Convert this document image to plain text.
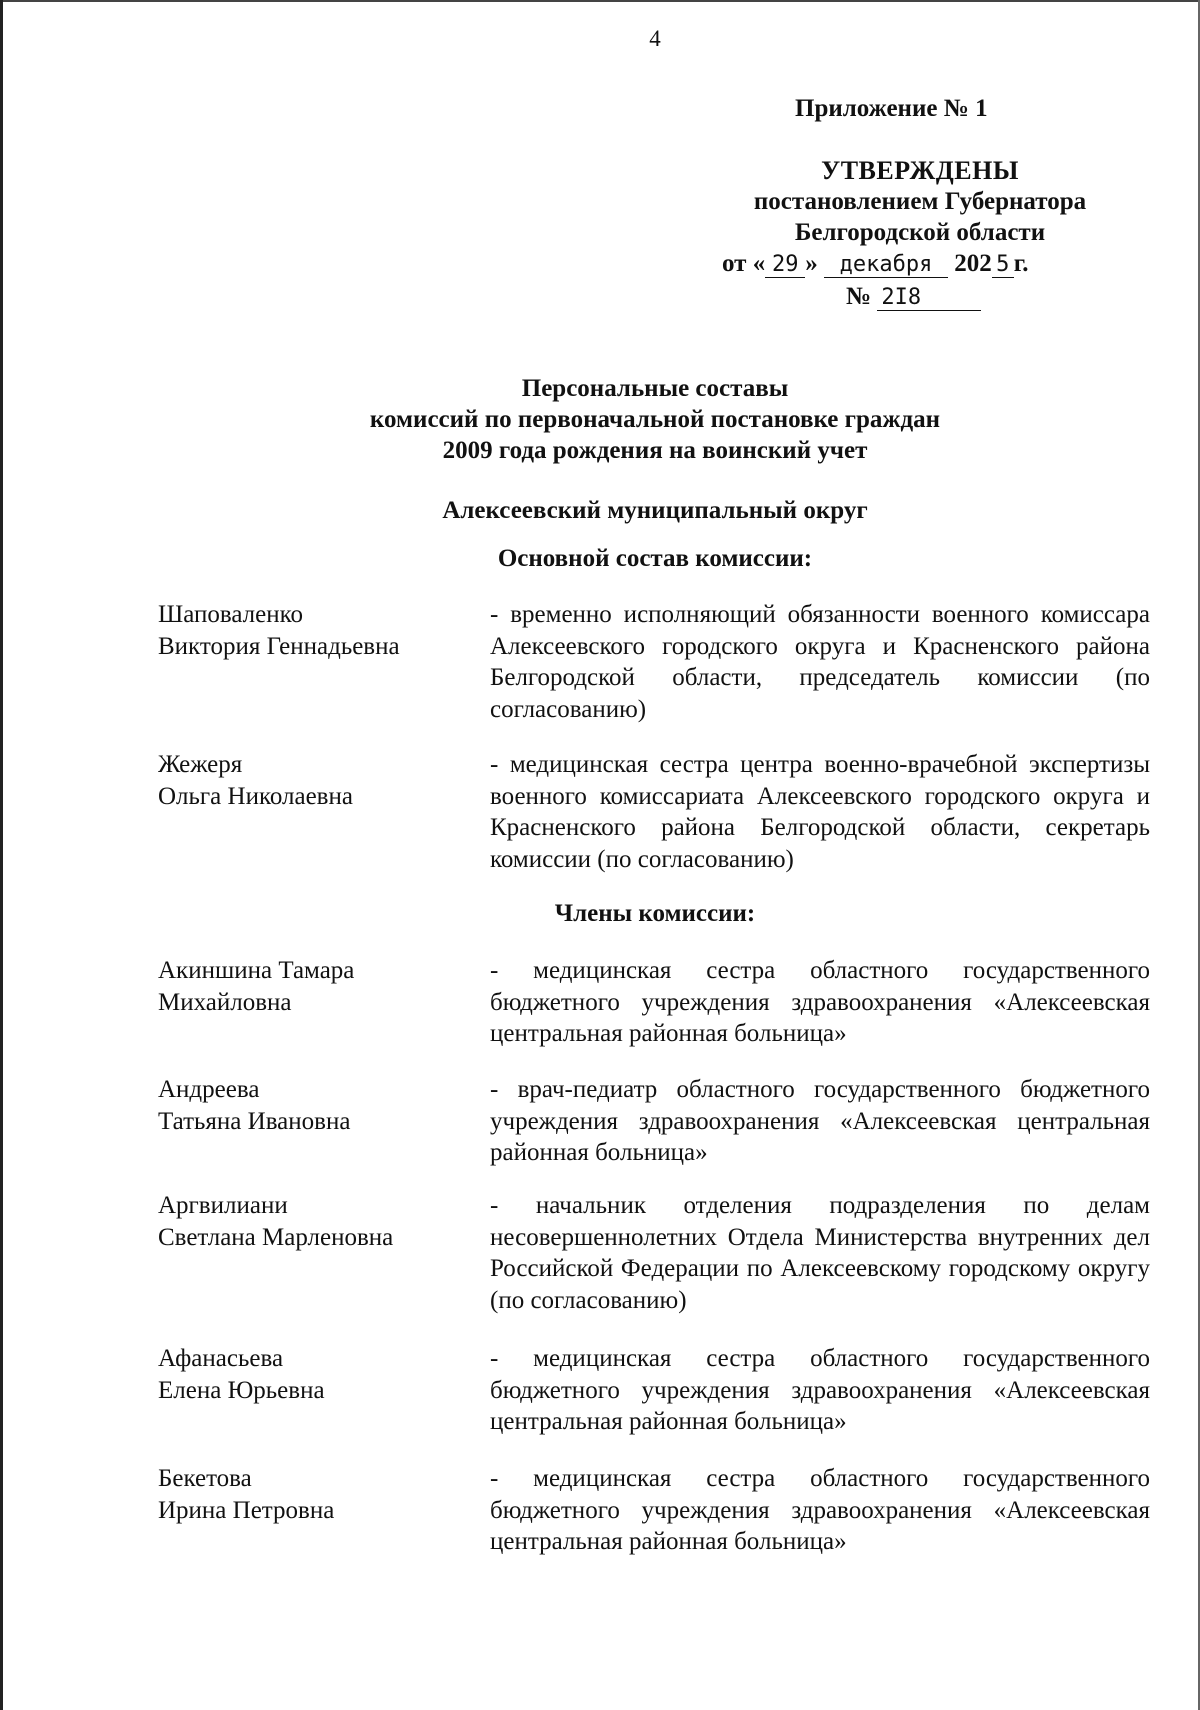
4
Приложение № 1
УТВЕРЖДЕНЫ
постановлением Губернатора
Белгородской области
от « 29 » декабря 202 5 г.
№ 2I8
Персональные составы
комиссий по первоначальной постановке граждан
2009 года рождения на воинский учет
Алексеевский муниципальный округ
Основной состав комиссии:
Шаповаленко
Виктория Геннадьевна
- временно исполняющий обязанности военного комиссара Алексеевского городского округа и Красненского района Белгородской области, председатель комиссии (по согласованию)
Жежеря
Ольга Николаевна
- медицинская сестра центра военно-врачебной экспертизы военного комиссариата Алексеевского городского округа и Красненского района Белгородской области, секретарь комиссии (по согласованию)
Члены комиссии:
Акиншина Тамара
Михайловна
- медицинская сестра областного государственного бюджетного учреждения здравоохранения «Алексеевская центральная районная больница»
Андреева
Татьяна Ивановна
- врач-педиатр областного государственного бюджетного учреждения здравоохранения «Алексеевская центральная районная больница»
Аргвилиани
Светлана Марленовна
- начальник отделения подразделения по делам несовершеннолетних Отдела Министерства внутренних дел Российской Федерации по Алексеевскому городскому округу (по согласованию)
Афанасьева
Елена Юрьевна
- медицинская сестра областного государственного бюджетного учреждения здравоохранения «Алексеевская центральная районная больница»
Бекетова
Ирина Петровна
- медицинская сестра областного государственного бюджетного учреждения здравоохранения «Алексеевская центральная районная больница»
